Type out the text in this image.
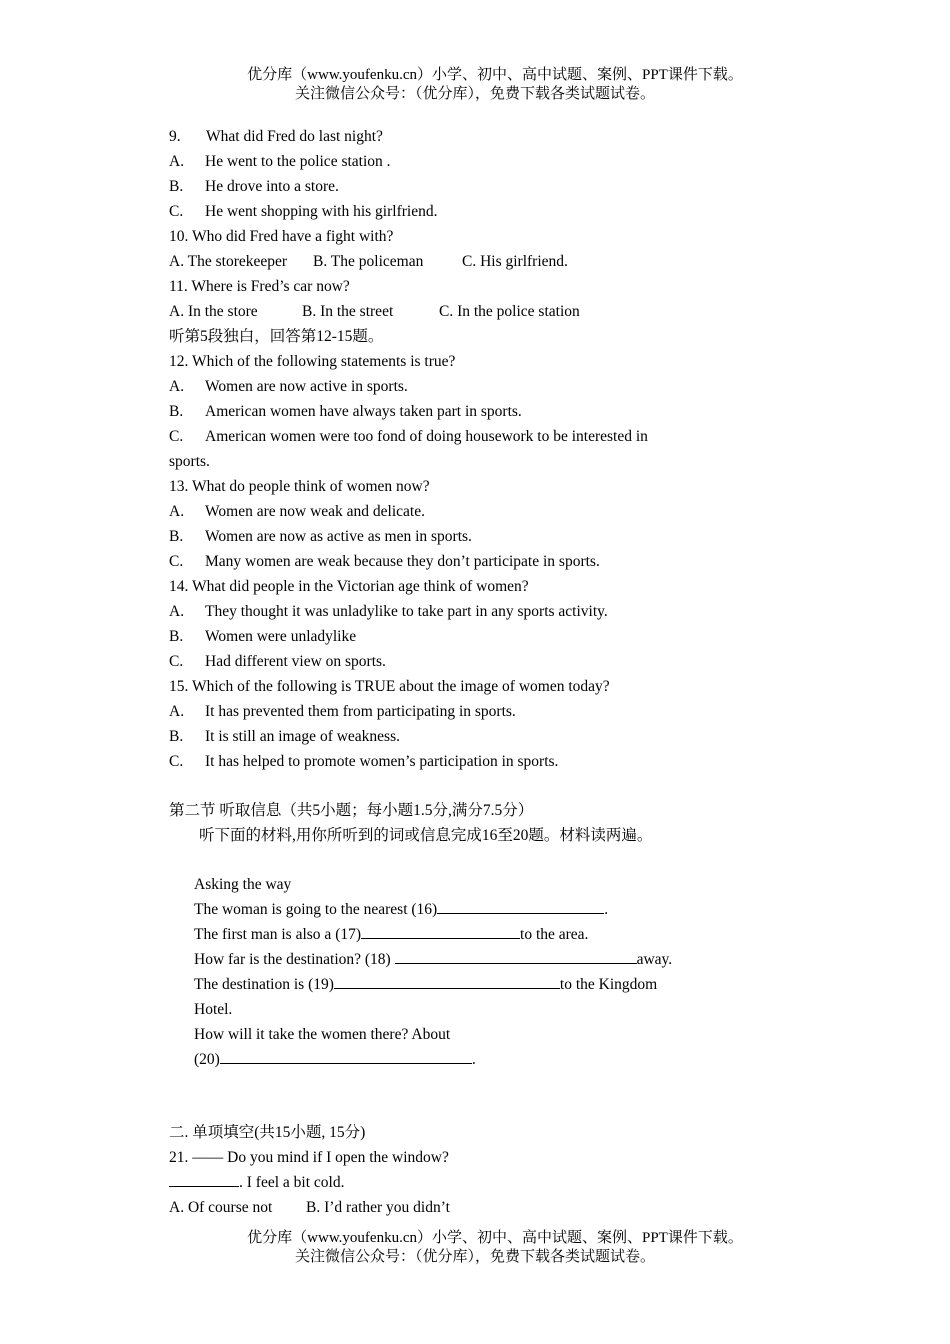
优分库（www.youfenku.cn）小学、初中、高中试题、案例、PPT课件下载。
关注微信公众号：（优分库），免费下载各类试题试卷。
9. What did Fred do last night?
A. He went to the police station .
B. He drove into a store.
C. He went shopping with his girlfriend.
10. Who did Fred have a fight with?
A. The storekeeper B. The policeman C. His girlfriend.
11. Where is Fred’s car now?
A. In the store	B. In the street	C. In the police station
听第5段独白，回答第12-15题。
12. Which of the following statements is true?
A. Women are now active in sports.
B. American women have always taken part in sports.
C. American women were too fond of doing housework to be interested in
sports.
13. What do people think of women now?
A. Women are now weak and delicate.
B. Women are now as active as men in sports.
C. Many women are weak because they don’t participate in sports.
14. What did people in the Victorian age think of women?
A. They thought it was unladylike to take part in any sports activity.
B. Women were unladylike
C. Had different view on sports.
15. Which of the following is TRUE about the image of women today?
A. It has prevented them from participating in sports.
B. It is still an image of weakness.
C. It has helped to promote women’s participation in sports.
第二节 听取信息（共5小题；每小题1.5分,满分7.5分）
听下面的材料,用你所听到的词或信息完成16至20题。材料读两遍。
Asking the way
The woman is going to the nearest (16)	.
The first man is also a (17)	to the area.
How far is the destination? (18)	away.
The destination is (19)	to the Kingdom
Hotel.
How will it take the women there? About
(20)	.
二. 单项填空(共15小题, 15分)
21. —— Do you mind if I open the window?
. I feel a bit cold.
A. Of course not B. I’d rather you didn’t
优分库（www.youfenku.cn）小学、初中、高中试题、案例、PPT课件下载。
关注微信公众号：（优分库），免费下载各类试题试卷。
